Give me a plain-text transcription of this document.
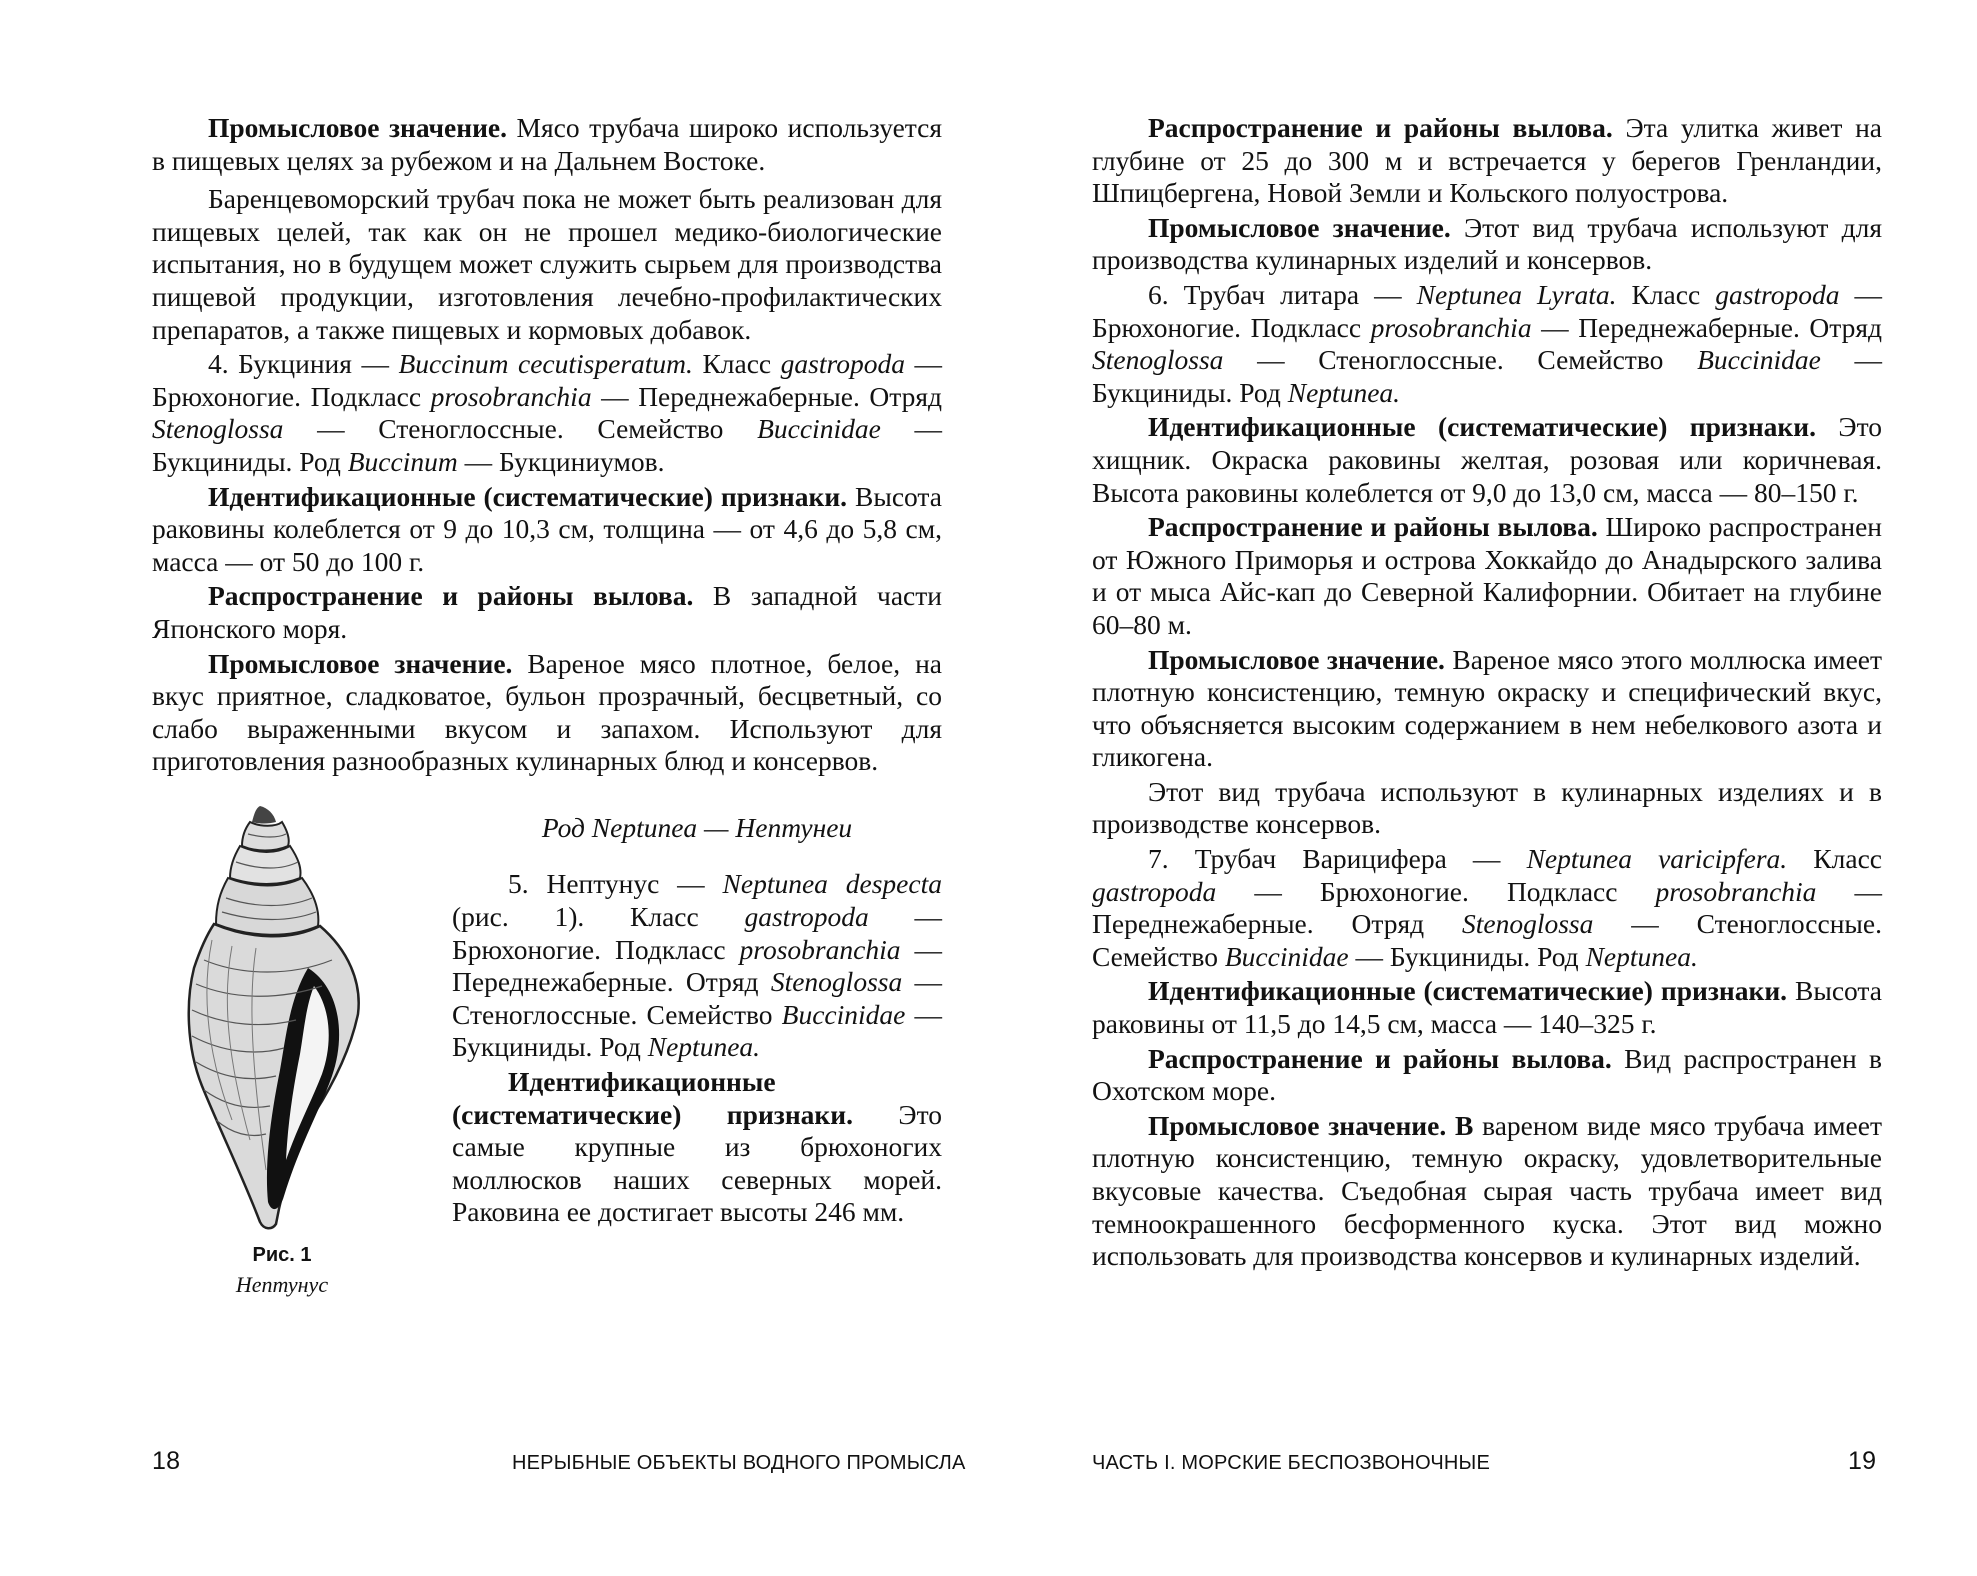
Промысловое значение. Мясо трубача широко используется в пищевых целях за рубежом и на Дальнем Востоке.

Баренцевоморский трубач пока не может быть реализован для пищевых целей, так как он не прошел медико-биологические испытания, но в будущем может служить сырьем для производства пищевой продукции, изготовления лечебно-профилактических препаратов, а также пищевых и кормовых добавок.

4. Букциния — Buccinum cecutisperatum. Класс gastropoda — Брюхоногие. Подкласс prosobranchia — Переднежаберные. Отряд Stenoglossa — Стеноглоссные. Семейство Buccinidae — Букциниды. Род Buccinum — Букциниумов.

Идентификационные (систематические) признаки. Высота раковины колеблется от 9 до 10,3 см, толщина — от 4,6 до 5,8 см, масса — от 50 до 100 г.

Распространение и районы вылова. В западной части Японского моря.

Промысловое значение. Вареное мясо плотное, белое, на вкус приятное, сладковатое, бульон прозрачный, бесцветный, со слабо выраженными вкусом и запахом. Используют для приготовления разнообразных кулинарных блюд и консервов.

Рис. 1
Нептунус

Род Neptunea — Нептунеи

5. Нептунус — Neptunea despecta (рис. 1). Класс gastropoda — Брюхоногие. Подкласс prosobranchia — Переднежаберные. Отряд Stenoglossa — Стеноглоссные. Семейство Buccinidae — Букциниды. Род Neptunea.

Идентификационные (систематические) признаки. Это самые крупные из брюхоногих моллюсков наших северных морей. Раковина ее достигает высоты 246 мм.

18	НЕРЫБНЫЕ ОБЪЕКТЫ ВОДНОГО ПРОМЫСЛА

Распространение и районы вылова. Эта улитка живет на глубине от 25 до 300 м и встречается у берегов Гренландии, Шпицбергена, Новой Земли и Кольского полуострова.

Промысловое значение. Этот вид трубача используют для производства кулинарных изделий и консервов.

6. Трубач литара — Neptunea Lyrata. Класс gastropoda — Брюхоногие. Подкласс prosobranchia — Переднежаберные. Отряд Stenoglossa — Стеноглоссные. Семейство Buccinidae — Букциниды. Род Neptunea.

Идентификационные (систематические) признаки. Это хищник. Окраска раковины желтая, розовая или коричневая. Высота раковины колеблется от 9,0 до 13,0 см, масса — 80–150 г.

Распространение и районы вылова. Широко распространен от Южного Приморья и острова Хоккайдо до Анадырского залива и от мыса Айс-кап до Северной Калифорнии. Обитает на глубине 60–80 м.

Промысловое значение. Вареное мясо этого моллюска имеет плотную консистенцию, темную окраску и специфический вкус, что объясняется высоким содержанием в нем небелкового азота и гликогена.

Этот вид трубача используют в кулинарных изделиях и в производстве консервов.

7. Трубач Варицифера — Neptunea varicipfera. Класс gastropoda — Брюхоногие. Подкласс prosobranchia — Переднежаберные. Отряд Stenoglossa — Стеноглоссные. Семейство Buccinidae — Букциниды. Род Neptunea.

Идентификационные (систематические) признаки. Высота раковины от 11,5 до 14,5 см, масса — 140–325 г.

Распространение и районы вылова. Вид распространен в Охотском море.

Промысловое значение. В вареном виде мясо трубача имеет плотную консистенцию, темную окраску, удовлетворительные вкусовые качества. Съедобная сырая часть трубача имеет вид темноокрашенного бесформенного куска. Этот вид можно использовать для производства консервов и кулинарных изделий.

ЧАСТЬ I. МОРСКИЕ БЕСПОЗВОНОЧНЫЕ	19
